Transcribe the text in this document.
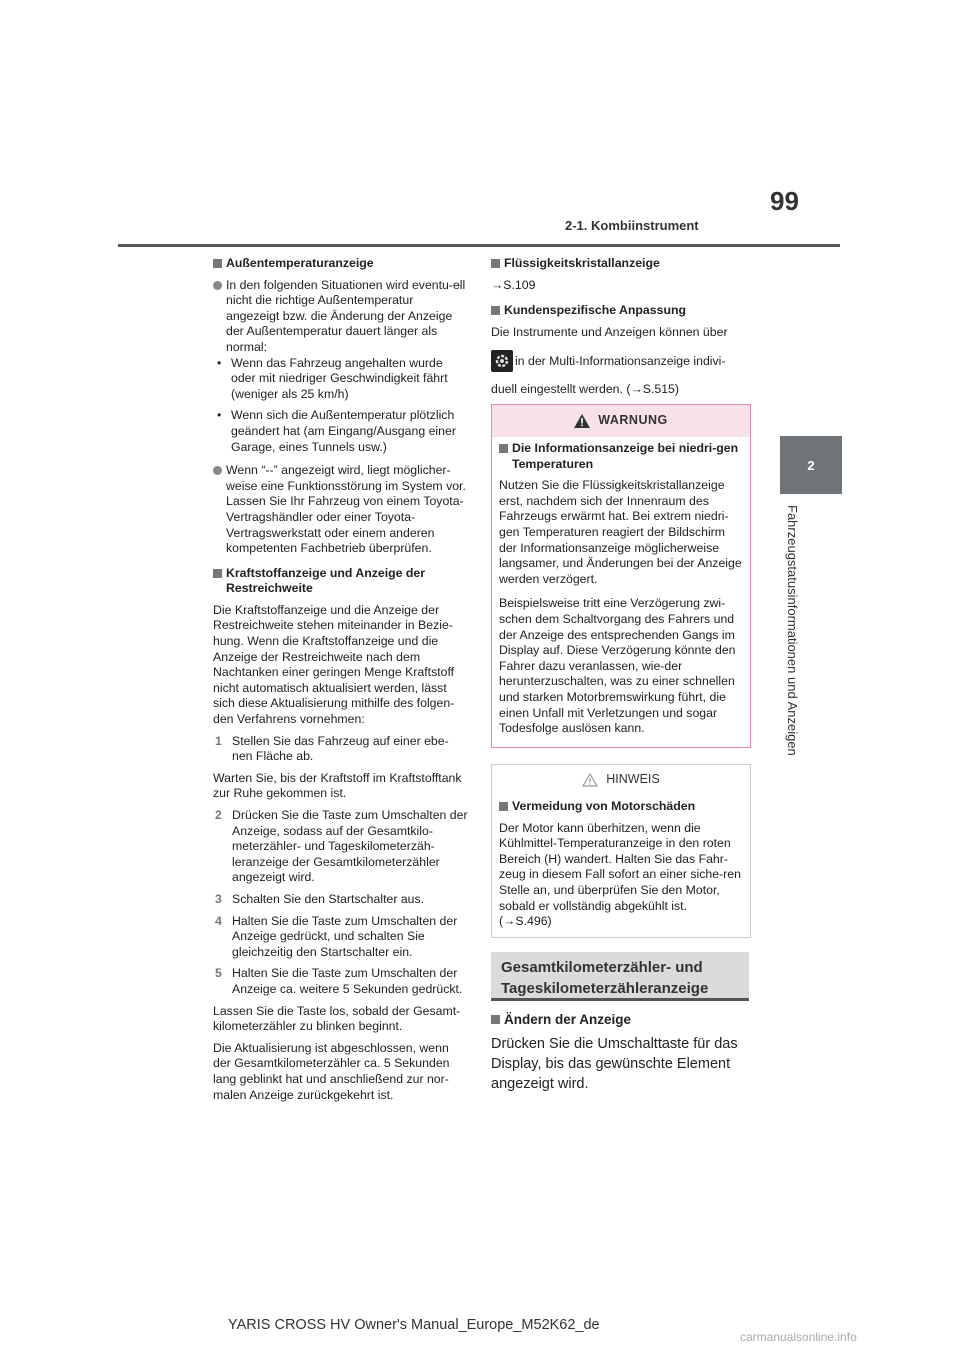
99
2-1. Kombiinstrument
2
Fahrzeugstatusinformationen und Anzeigen

Außentemperaturanzeige

In den folgenden Situationen wird eventu-ell nicht die richtige Außentemperatur angezeigt bzw. die Änderung der Anzeige der Außentemperatur dauert länger als normal:

• Wenn das Fahrzeug angehalten wurde oder mit niedriger Geschwindigkeit fährt (weniger als 25 km/h)

• Wenn sich die Außentemperatur plötzlich geändert hat (am Eingang/Ausgang einer Garage, eines Tunnels usw.)

Wenn “--” angezeigt wird, liegt möglicher-weise eine Funktionsstörung im System vor. Lassen Sie Ihr Fahrzeug von einem Toyota-Vertragshändler oder einer Toyota-Vertragswerkstatt oder einem anderen kompetenten Fachbetrieb überprüfen.

Kraftstoffanzeige und Anzeige der Restreichweite

Die Kraftstoffanzeige und die Anzeige der Restreichweite stehen miteinander in Bezie-hung. Wenn die Kraftstoffanzeige und die Anzeige der Restreichweite nach dem Nachtanken einer geringen Menge Kraftstoff nicht automatisch aktualisiert werden, lässt sich diese Aktualisierung mithilfe des folgen-den Verfahrens vornehmen:

1 Stellen Sie das Fahrzeug auf einer ebe-nen Fläche ab.

Warten Sie, bis der Kraftstoff im Kraftstofftank zur Ruhe gekommen ist.

2 Drücken Sie die Taste zum Umschalten der Anzeige, sodass auf der Gesamtkilo-meterzähler- und Tageskilometerzäh-leranzeige der Gesamtkilometerzähler angezeigt wird.

3 Schalten Sie den Startschalter aus.

4 Halten Sie die Taste zum Umschalten der Anzeige gedrückt, und schalten Sie gleichzeitig den Startschalter ein.

5 Halten Sie die Taste zum Umschalten der Anzeige ca. weitere 5 Sekunden gedrückt.

Lassen Sie die Taste los, sobald der Gesamt-kilometerzähler zu blinken beginnt.

Die Aktualisierung ist abgeschlossen, wenn der Gesamtkilometerzähler ca. 5 Sekunden lang geblinkt hat und anschließend zur nor-malen Anzeige zurückgekehrt ist.

Flüssigkeitskristallanzeige

→S.109

Kundenspezifische Anpassung

Die Instrumente und Anzeigen können über

in der Multi-Informationsanzeige indivi-

duell eingestellt werden. (→S.515)

WARNUNG

Die Informationsanzeige bei niedri-gen Temperaturen

Nutzen Sie die Flüssigkeitskristallanzeige erst, nachdem sich der Innenraum des Fahrzeugs erwärmt hat. Bei extrem niedri-gen Temperaturen reagiert der Bildschirm der Informationsanzeige möglicherweise langsamer, und Änderungen bei der Anzeige werden verzögert.

Beispielsweise tritt eine Verzögerung zwi-schen dem Schaltvorgang des Fahrers und der Anzeige des entsprechenden Gangs im Display auf. Diese Verzögerung könnte den Fahrer dazu veranlassen, wie-der herunterzuschalten, was zu einer schnellen und starken Motorbremswirkung führt, die einen Unfall mit Verletzungen und sogar Todesfolge auslösen kann.

HINWEIS

Vermeidung von Motorschäden

Der Motor kann überhitzen, wenn die Kühlmittel-Temperaturanzeige in den roten Bereich (H) wandert. Halten Sie das Fahr-zeug in diesem Fall sofort an einer siche-ren Stelle an, und überprüfen Sie den Motor, sobald er vollständig abgekühlt ist. (→S.496)

Gesamtkilometerzähler- und Tageskilometerzähleranzeige

Ändern der Anzeige

Drücken Sie die Umschalttaste für das Display, bis das gewünschte Element angezeigt wird.

YARIS CROSS HV Owner's Manual_Europe_M52K62_de
carmanualsonline.info
